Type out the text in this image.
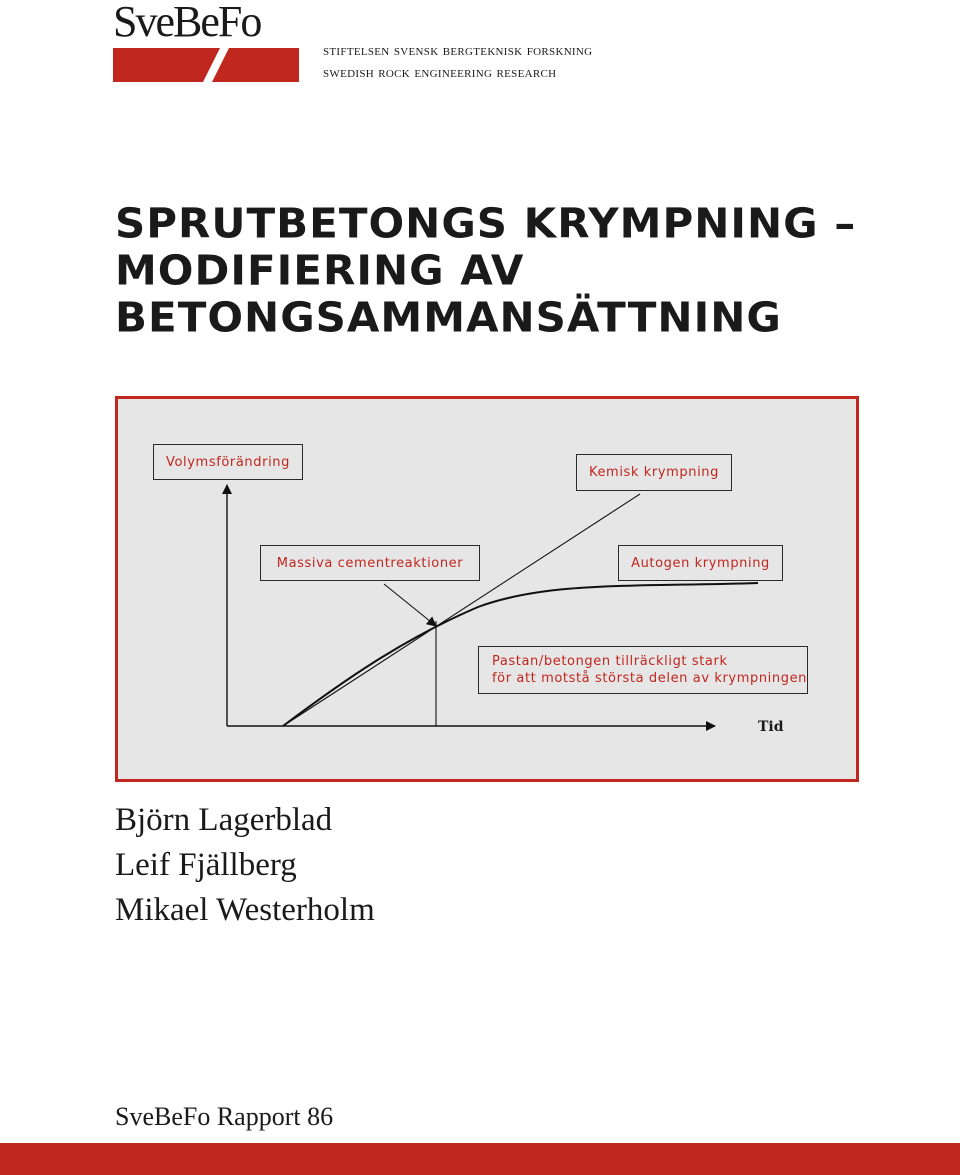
SveBeFo
stiftelsen svensk bergteknisk forskning
swedish rock engineering research
SPRUTBETONGS KRYMPNING –
MODIFIERING AV
BETONGSAMMANSÄTTNING
Volymsförändring
Kemisk krympning
Massiva cementreaktioner	Autogen krympning
Pastan/betongen tillräckligt stark
för att motstå största delen av krympningen
Tid
Björn Lagerblad
Leif Fjällberg
Mikael Westerholm
SveBeFo Rapport 86
